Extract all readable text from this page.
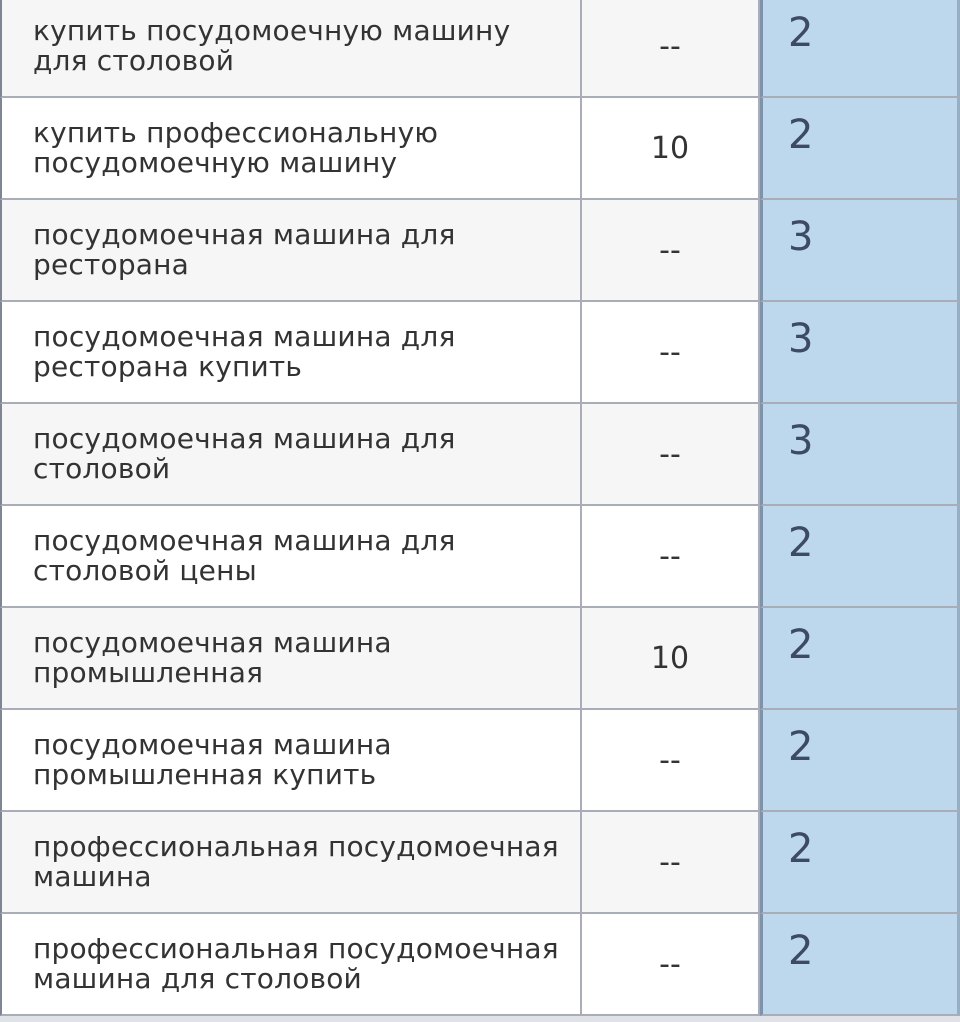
купить посудомоечную машину для столовой	--	2
купить профессиональную посудомоечную машину	10	2
посудомоечная машина для ресторана	--	3
посудомоечная машина для ресторана купить	--	3
посудомоечная машина для столовой	--	3
посудомоечная машина для столовой цены	--	2
посудомоечная машина промышленная	10	2
посудомоечная машина промышленная купить	--	2
профессиональная посудомоечная машина	--	2
профессиональная посудомоечная машина для столовой	--	2
